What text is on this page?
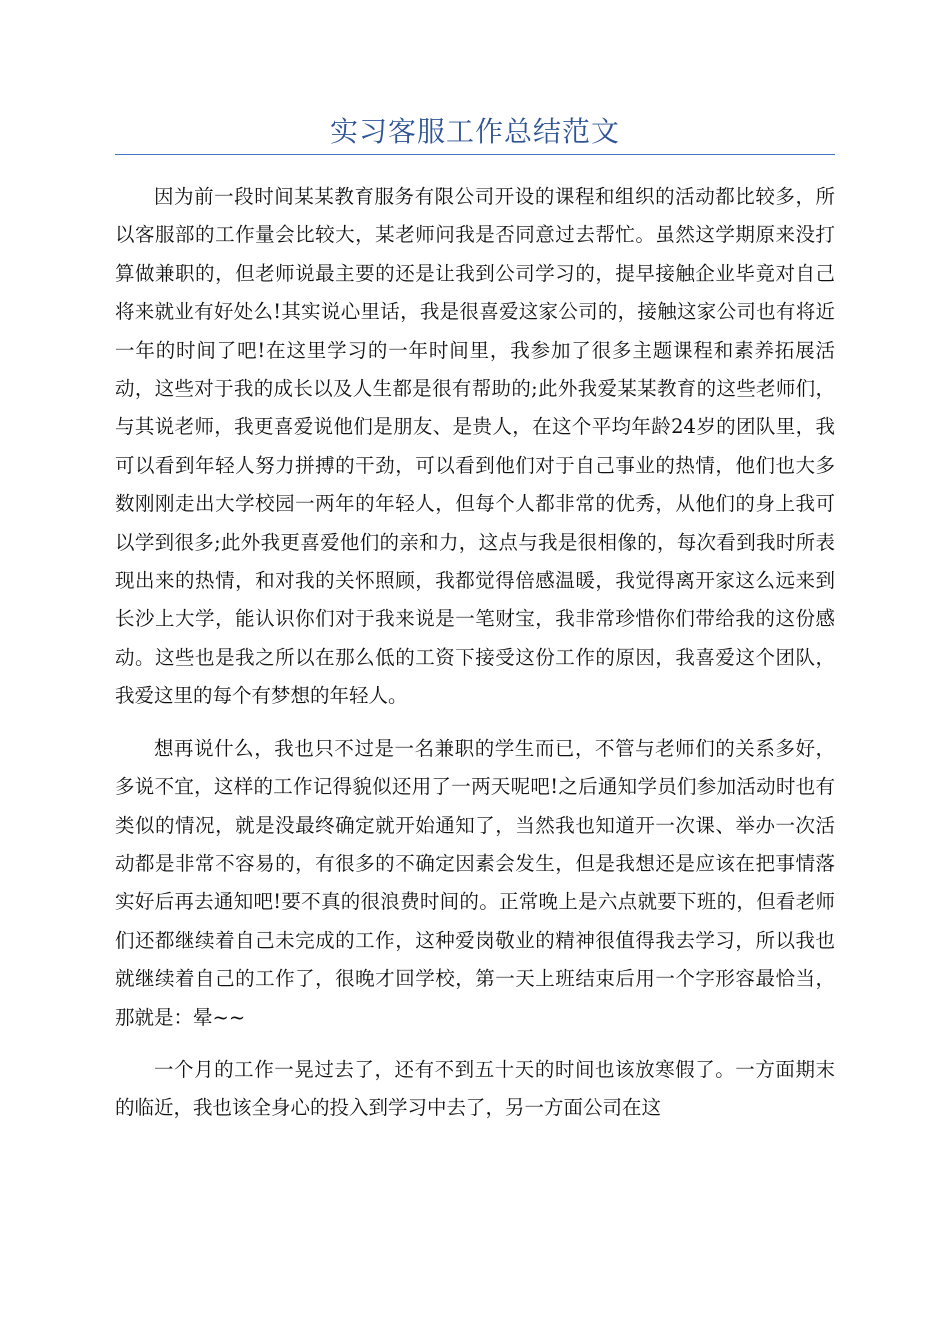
实习客服工作总结范文

因为前一段时间某某教育服务有限公司开设的课程和组织的活动都比较多，所以客服部的工作量会比较大，某老师问我是否同意过去帮忙。虽然这学期原来没打算做兼职的，但老师说最主要的还是让我到公司学习的，提早接触企业毕竟对自己将来就业有好处么!其实说心里话，我是很喜爱这家公司的，接触这家公司也有将近一年的时间了吧!在这里学习的一年时间里，我参加了很多主题课程和素养拓展活动，这些对于我的成长以及人生都是很有帮助的;此外我爱某某教育的这些老师们，与其说老师，我更喜爱说他们是朋友、是贵人，在这个平均年龄24岁的团队里，我可以看到年轻人努力拼搏的干劲，可以看到他们对于自己事业的热情，他们也大多数刚刚走出大学校园一两年的年轻人，但每个人都非常的优秀，从他们的身上我可以学到很多;此外我更喜爱他们的亲和力，这点与我是很相像的，每次看到我时所表现出来的热情，和对我的关怀照顾，我都觉得倍感温暖，我觉得离开家这么远来到长沙上大学，能认识你们对于我来说是一笔财宝，我非常珍惜你们带给我的这份感动。这些也是我之所以在那么低的工资下接受这份工作的原因，我喜爱这个团队，我爱这里的每个有梦想的年轻人。

想再说什么，我也只不过是一名兼职的学生而已，不管与老师们的关系多好，多说不宜，这样的工作记得貌似还用了一两天呢吧!之后通知学员们参加活动时也有类似的情况，就是没最终确定就开始通知了，当然我也知道开一次课、举办一次活动都是非常不容易的，有很多的不确定因素会发生，但是我想还是应该在把事情落实好后再去通知吧!要不真的很浪费时间的。正常晚上是六点就要下班的，但看老师们还都继续着自己未完成的工作，这种爱岗敬业的精神很值得我去学习，所以我也就继续着自己的工作了，很晚才回学校，第一天上班结束后用一个字形容最恰当，那就是：晕~~

一个月的工作一晃过去了，还有不到五十天的时间也该放寒假了。一方面期末的临近，我也该全身心的投入到学习中去了，另一方面公司在这
